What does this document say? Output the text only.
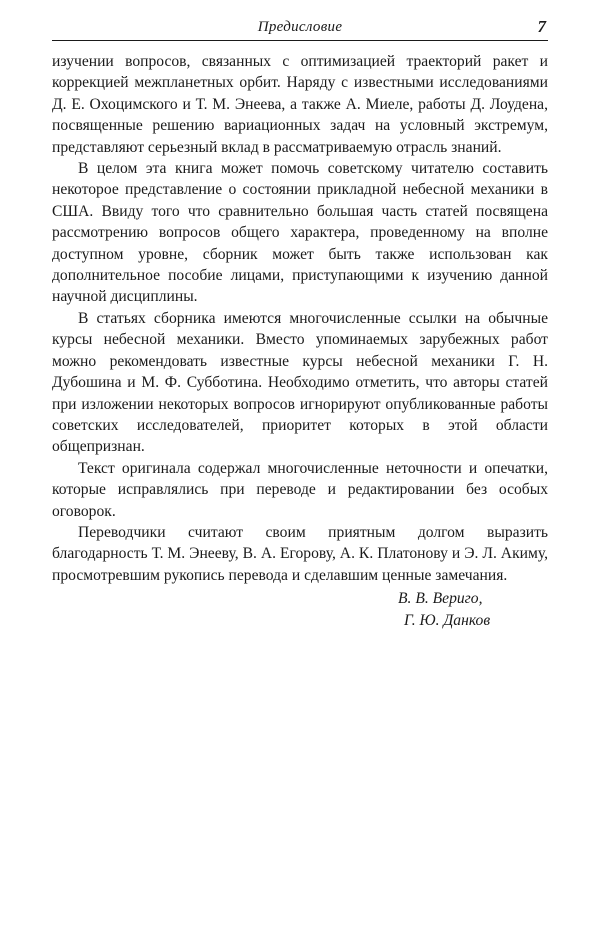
Предисловие	7

изучении вопросов, связанных с оптимизацией траекторий ракет и коррекцией межпланетных орбит. Наряду с известными исследованиями Д. Е. Охоцимского и Т. М. Энеева, а также А. Миеле, работы Д. Лоудена, посвященные решению вариационных задач на условный экстремум, представляют серьезный вклад в рассматриваемую отрасль знаний.

В целом эта книга может помочь советскому читателю составить некоторое представление о состоянии прикладной небесной механики в США. Ввиду того что сравнительно большая часть статей посвящена рассмотрению вопросов общего характера, проведенному на вполне доступном уровне, сборник может быть также использован как дополнительное пособие лицами, приступающими к изучению данной научной дисциплины.

В статьях сборника имеются многочисленные ссылки на обычные курсы небесной механики. Вместо упоминаемых зарубежных работ можно рекомендовать известные курсы небесной механики Г. Н. Дубошина и М. Ф. Субботина. Необходимо отметить, что авторы статей при изложении некоторых вопросов игнорируют опубликованные работы советских исследователей, приоритет которых в этой области общепризнан.

Текст оригинала содержал многочисленные неточности и опечатки, которые исправлялись при переводе и редактировании без особых оговорок.

Переводчики считают своим приятным долгом выразить благодарность Т. М. Энееву, В. А. Егорову, А. К. Платонову и Э. Л. Акиму, просмотревшим рукопись перевода и сделавшим ценные замечания.

В. В. Вериго,
Г. Ю. Данков
